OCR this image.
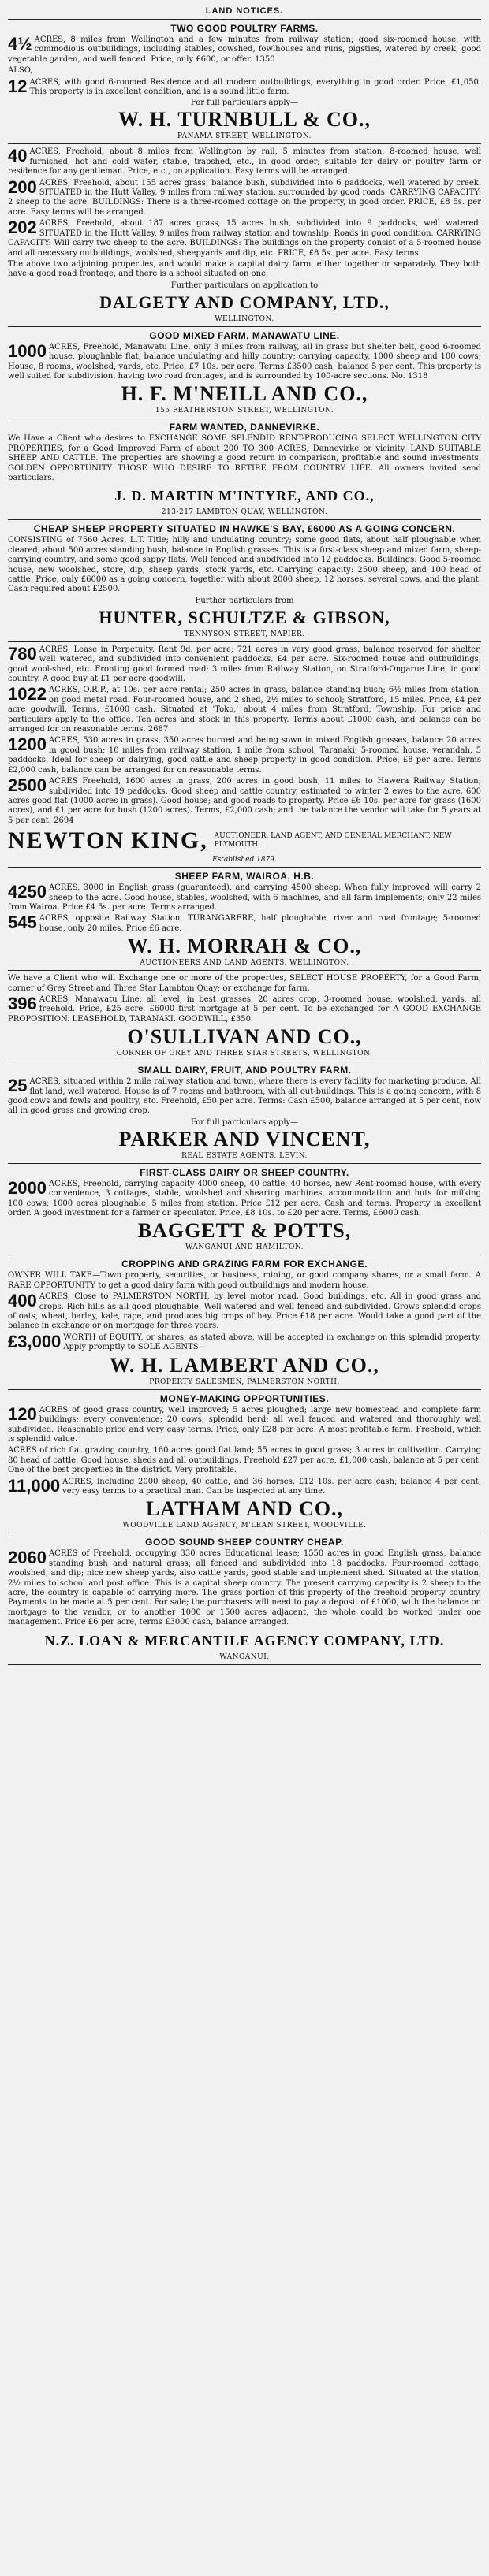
LAND NOTICES.
TWO GOOD POULTRY FARMS.

4½ ACRES, 8 miles from Wellington and a few minutes from railway station; good six-roomed house, with commodious outbuildings, including stables, cowshed, fowlhouses and runs, pigsties, watered by creek, good vegetable garden, and well fenced. Price, only £600, or offer. 1350

ALSO,

12 ACRES, with good 6-roomed Residence and all modern outbuildings, everything in good order. Price, £1,050. This property is in excellent condition, and is a sound little farm.

For full particulars apply—
W. H. TURNBULL & CO.,
PANAMA STREET, WELLINGTON.

40 ACRES, Freehold, about 8 miles from Wellington by rail, 5 minutes from station; 8-roomed house, well furnished, hot and cold water, stable, trapshed, etc., in good order; suitable for dairy or poultry farm or residence for any gentleman. Price, etc., on application. Easy terms will be arranged.

200 ACRES, Freehold, about 155 acres grass, balance bush, subdivided into 6 paddocks, well watered by creek. SITUATED in the Hutt Valley, 9 miles from railway station, surrounded by good roads. CARRYING CAPACITY: 2 sheep to the acre. BUILDINGS: There is a three-roomed cottage on the property, in good order. PRICE, £8 5s. per acre. Easy terms will be arranged.

202 ACRES, Freehold, about 187 acres grass, 15 acres bush, subdivided into 9 paddocks, well watered. SITUATED in the Hutt Valley, 9 miles from railway station and township. Roads in good condition. CARRYING CAPACITY: Will carry two sheep to the acre. BUILDINGS: The buildings on the property consist of a 5-roomed house and all necessary outbuildings, woolshed, sheepyards and dip, etc. PRICE, £8 5s. per acre. Easy terms.

The above two adjoining properties, and would make a capital dairy farm, either together or separately. They both have a good road frontage, and there is a school situated on one.

Further particulars on application to
DALGETY AND COMPANY, LTD.,
WELLINGTON.
GOOD MIXED FARM, MANAWATU LINE.

1000 ACRES, Freehold, Manawatu Line, only 3 miles from railway, all in grass but shelter belt, good 6-roomed house, ploughable flat, balance undulating and hilly country; carrying capacity, 1000 sheep and 100 cows; House, 8 rooms, woolshed, yards, etc. Price, £7 10s. per acre. Terms £3500 cash, balance 5 per cent. This property is well suited for subdivision, having two road frontages, and is surrounded by 100-acre sections. No. 1318

H. F. M'NEILL AND CO.,
155 FEATHERSTON STREET, WELLINGTON.
FARM WANTED, DANNEVIRKE.

We Have a Client who desires to EXCHANGE SOME SPLENDID RENT-PRODUCING SELECT WELLINGTON CITY PROPERTIES, for a Good Improved Farm of about 200 TO 300 ACRES, Dannevirke or vicinity. LAND SUITABLE SHEEP AND CATTLE. The properties are showing a good return in comparison, profitable and sound investments. GOLDEN OPPORTUNITY THOSE WHO DESIRE TO RETIRE FROM COUNTRY LIFE. All owners invited send particulars.

J. D. MARTIN M'INTYRE, AND CO.,
213-217 LAMBTON QUAY, WELLINGTON.
CHEAP SHEEP PROPERTY SITUATED IN HAWKE'S BAY, £6000 AS A GOING CONCERN.

CONSISTING of 7560 Acres, L.T. Title; hilly and undulating country; some good flats, about half ploughable when cleared; about 500 acres standing bush, balance in English grasses. This is a first-class sheep and mixed farm, sheep-carrying country, and some good sappy flats. Well fenced and subdivided into 12 paddocks. Buildings: Good 5-roomed house, new woolshed, store, dip, sheep yards, stock yards, etc. Carrying capacity: 2500 sheep, and 100 head of cattle. Price, only £6000 as a going concern, together with about 2000 sheep, 12 horses, several cows, and the plant. Cash required about £2500.

Further particulars from
HUNTER, SCHULTZE & GIBSON,
TENNYSON STREET, NAPIER.

780 ACRES, Lease in Perpetuity. Rent 9d. per acre; 721 acres in very good grass, balance reserved for shelter, well watered, and subdivided into convenient paddocks. £4 per acre. Six-roomed house and outbuildings, good wool-shed, etc. Fronting good formed road; 3 miles from Railway Station, on Stratford-Ongarue Line, in good country. A good buy at £1 per acre goodwill.

1022 ACRES, O.R.P., at 10s. per acre rental; 250 acres in grass, balance standing bush; 6½ miles from station, on good metal road. Four-roomed house, and 2 shed, 2½ miles to school; Stratford, 15 miles. Price, £4 per acre goodwill. Terms, £1000 cash. Situated at 'Toko,' about 4 miles from Stratford, Township. For price and particulars apply to the office. Ten acres and stock in this property. Terms about £1000 cash, and balance can be arranged for on reasonable terms. 2687

1200 ACRES, 530 acres in grass, 350 acres burned and being sown in mixed English grasses, balance 20 acres in good bush; 10 miles from railway station, 1 mile from school, Taranaki; 5-roomed house, verandah, 5 paddocks. Ideal for sheep or dairying, good cattle and sheep property in good condition. Price, £8 per acre. Terms £2,000 cash, balance can be arranged for on reasonable terms.

2500 ACRES Freehold, 1600 acres in grass, 200 acres in good bush, 11 miles to Hawera Railway Station; subdivided into 19 paddocks. Good sheep and cattle country, estimated to winter 2 ewes to the acre. 600 acres good flat (1000 acres in grass). Good house; and good roads to property. Price £6 10s. per acre for grass (1600 acres), and £1 per acre for bush (1200 acres). Terms, £2,000 cash; and the balance the vendor will take for 5 years at 5 per cent. 2694

NEWTON KING, AUCTIONEER, LAND AGENT, AND GENERAL MERCHANT, NEW PLYMOUTH.
Established 1879.
SHEEP FARM, WAIROA, H.B.

4250 ACRES, 3000 in English grass (guaranteed), and carrying 4500 sheep. When fully improved will carry 2 sheep to the acre. Good house, stables, woolshed, with 6 machines, and all farm implements; only 22 miles from Wairoa. Price £4 5s. per acre. Terms arranged.

545 ACRES, opposite Railway Station, TURANGARERE, half ploughable, river and road frontage; 5-roomed house, only 20 miles. Price £6 acre.

W. H. MORRAH & CO.,
AUCTIONEERS AND LAND AGENTS, WELLINGTON.

We have a Client who will Exchange one or more of the properties, SELECT HOUSE PROPERTY, for a Good Farm, corner of Grey Street and Three Star Lambton Quay; or exchange for farm.

396 ACRES, Manawatu Line, all level, in best grasses, 20 acres crop, 3-roomed house, woolshed, yards, all freehold. Price, £25 acre. £6000 first mortgage at 5 per cent. To be exchanged for A GOOD EXCHANGE PROPOSITION. LEASEHOLD, TARANAKI. GOODWILL, £350.

O'SULLIVAN AND CO.,
CORNER OF GREY AND THREE STAR STREETS, WELLINGTON.
SMALL DAIRY, FRUIT, AND POULTRY FARM.

25 ACRES, situated within 2 mile railway station and town, where there is every facility for marketing produce. All flat land, well watered. House is of 7 rooms and bathroom, with all out-buildings. This is a going concern, with 8 good cows and fowls and poultry, etc. Freehold, £50 per acre. Terms: Cash £500, balance arranged at 5 per cent, now all in good grass and growing crop.

For full particulars apply—
PARKER AND VINCENT,
REAL ESTATE AGENTS, LEVIN.
FIRST-CLASS DAIRY OR SHEEP COUNTRY.

2000 ACRES, Freehold, carrying capacity 4000 sheep, 40 cattle, 40 horses, new Rent-roomed house, with every convenience, 3 cottages, stable, woolshed and shearing machines, accommodation and huts for milking 100 cows; 1000 acres ploughable, 5 miles from station. Price £12 per acre. Cash and terms. Property in excellent order. A good investment for a farmer or speculator. Price, £8 10s. to £20 per acre. Terms, £6000 cash.

BAGGETT & POTTS,
WANGANUI AND HAMILTON.
CROPPING AND GRAZING FARM FOR EXCHANGE.

OWNER WILL TAKE—Town property, securities, or business, mining, or good company shares, or a small farm. A RARE OPPORTUNITY to get a good dairy farm with good outbuildings and modern house.

400 ACRES, Close to PALMERSTON NORTH, by level motor road. Good buildings, etc. All in good grass and crops. Rich hills as all good ploughable. Well watered and well fenced and subdivided. Grows splendid crops of oats, wheat, barley, kale, rape, and produces big crops of hay. Price £18 per acre. Would take a good part of the balance in exchange or on mortgage for three years.

£3,000 WORTH of EQUITY, or shares, as stated above, will be accepted in exchange on this splendid property. Apply promptly to SOLE AGENTS—

W. H. LAMBERT AND CO.,
PROPERTY SALESMEN, PALMERSTON NORTH.
MONEY-MAKING OPPORTUNITIES.

120 ACRES of good grass country, well improved; 5 acres ploughed; large new homestead and complete farm buildings; every convenience; 20 cows, splendid herd; all well fenced and watered and thoroughly well subdivided. Reasonable price and very easy terms. Price, only £28 per acre. A most profitable farm. Freehold, which is splendid value.

ACRES of rich flat grazing country, 160 acres good flat land; 55 acres in good grass; 3 acres in cultivation. Carrying 80 head of cattle. Good house, sheds and all outbuildings. Freehold £27 per acre, £1,000 cash, balance at 5 per cent. One of the best properties in the district. Very profitable.

11,000 ACRES, including 2000 sheep, 40 cattle, and 36 horses. £12 10s. per acre cash; balance 4 per cent, very easy terms to a practical man. Can be inspected at any time.

LATHAM AND CO.,
WOODVILLE LAND AGENCY, M'LEAN STREET, WOODVILLE.
GOOD SOUND SHEEP COUNTRY CHEAP.

2060 ACRES of Freehold, occupying 330 acres Educational lease; 1550 acres in good English grass, balance standing bush and natural grass; all fenced and subdivided into 18 paddocks. Four-roomed cottage, woolshed, and dip; nice new sheep yards, also cattle yards, good stable and implement shed. Situated at the station, 2½ miles to school and post office. This is a capital sheep country. The present carrying capacity is 2 sheep to the acre, the country is capable of carrying more. The grass portion of this property of the freehold property country. Payments to be made at 5 per cent. For sale; the purchasers will need to pay a deposit of £1000, with the balance on mortgage to the vendor, or to another 1000 or 1500 acres adjacent, the whole could be worked under one management. Price £6 per acre, terms £3000 cash, balance arranged.

N.Z. LOAN & MERCANTILE AGENCY COMPANY, LTD.
WANGANUI.
